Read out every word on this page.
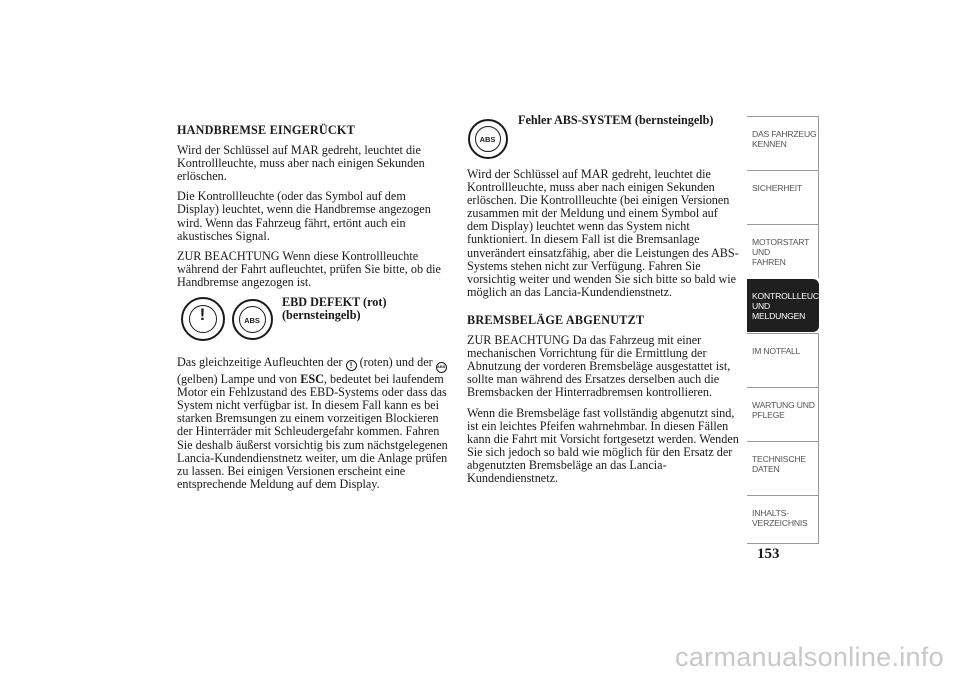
HANDBREMSE EINGERÜCKT

Wird der Schlüssel auf MAR gedreht, leuchtet die Kontrollleuchte, muss aber nach einigen Sekunden erlöschen.

Die Kontrollleuchte (oder das Symbol auf dem Display) leuchtet, wenn die Handbremse angezogen wird. Wenn das Fahrzeug fährt, ertönt auch ein akustisches Signal.

ZUR BEACHTUNG Wenn diese Kontrollleuchte während der Fahrt aufleuchtet, prüfen Sie bitte, ob die Handbremse angezogen ist.

!	ABS
EBD DEFEKT (rot)
(bernsteingelb)

Das gleichzeitige Aufleuchten der ! (roten) und der ABS (gelben) Lampe und von ESC, bedeutet bei laufendem Motor ein Fehlzustand des EBD-Systems oder dass das System nicht verfügbar ist. In diesem Fall kann es bei starken Bremsungen zu einem vorzeitigen Blockieren der Hinterräder mit Schleudergefahr kommen. Fahren Sie deshalb äußerst vorsichtig bis zum nächstgelegenen Lancia-Kundendienstnetz weiter, um die Anlage prüfen zu lassen. Bei einigen Versionen erscheint eine entsprechende Meldung auf dem Display.

ABS
Fehler ABS-SYSTEM (bernsteingelb)

Wird der Schlüssel auf MAR gedreht, leuchtet die Kontrollleuchte, muss aber nach einigen Sekunden erlöschen. Die Kontrollleuchte (bei einigen Versionen zusammen mit der Meldung und einem Symbol auf dem Display) leuchtet wenn das System nicht funktioniert. In diesem Fall ist die Bremsanlage unverändert einsatzfähig, aber die Leistungen des ABS-Systems stehen nicht zur Verfügung. Fahren Sie vorsichtig weiter und wenden Sie sich bitte so bald wie möglich an das Lancia-Kundendienstnetz.

BREMSBELÄGE ABGENUTZT

ZUR BEACHTUNG Da das Fahrzeug mit einer mechanischen Vorrichtung für die Ermittlung der Abnutzung der vorderen Bremsbeläge ausgestattet ist, sollte man während des Ersatzes derselben auch die Bremsbacken der Hinterradbremsen kontrollieren.

Wenn die Bremsbeläge fast vollständig abgenutzt sind, ist ein leichtes Pfeifen wahrnehmbar. In diesen Fällen kann die Fahrt mit Vorsicht fortgesetzt werden. Wenden Sie sich jedoch so bald wie möglich für den Ersatz der abgenutzten Bremsbeläge an das Lancia-Kundendienstnetz.

DAS FAHRZEUG
KENNEN
SICHERHEIT
MOTORSTART UND
FAHREN
KONTROLLLEUCHTEN
UND MELDUNGEN
IM NOTFALL
WARTUNG UND
PFLEGE
TECHNISCHE
DATEN
INHALTS-
VERZEICHNIS
153
carmanualsonline.info
